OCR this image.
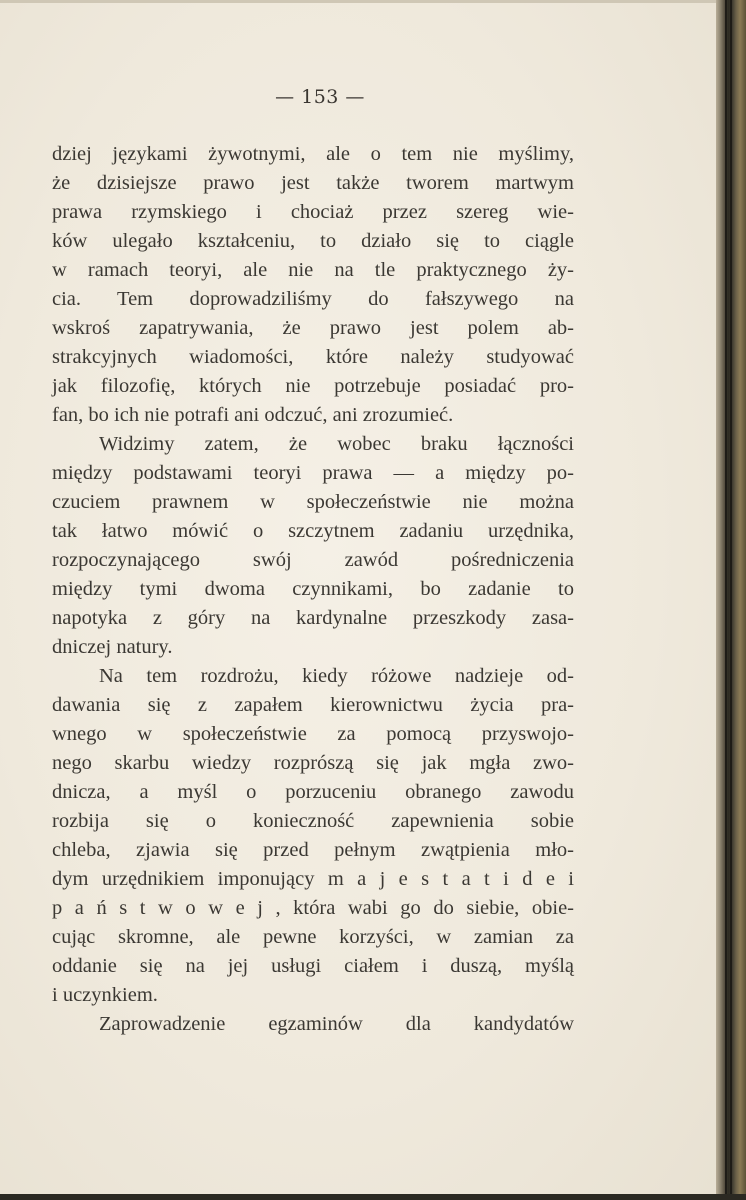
— 153 —
dziej językami żywotnymi, ale o tem nie myślimy,
że dzisiejsze prawo jest także tworem martwym
prawa rzymskiego i chociaż przez szereg wie-
ków ulegało kształceniu, to działo się to ciągle
w ramach teoryi, ale nie na tle praktycznego ży-
cia. Tem doprowadziliśmy do fałszywego na
wskroś zapatrywania, że prawo jest polem ab-
strakcyjnych wiadomości, które należy studyować
jak filozofię, których nie potrzebuje posiadać pro-
fan, bo ich nie potrafi ani odczuć, ani zrozumieć.
Widzimy zatem, że wobec braku łączności
między podstawami teoryi prawa — a między po-
czuciem prawnem w społeczeństwie nie można
tak łatwo mówić o szczytnem zadaniu urzędnika,
rozpoczynającego swój zawód pośredniczenia
między tymi dwoma czynnikami, bo zadanie to
napotyka z góry na kardynalne przeszkody zasa-
dniczej natury.
Na tem rozdrożu, kiedy różowe nadzieje od-
dawania się z zapałem kierownictwu życia pra-
wnego w społeczeństwie za pomocą przyswojo-
nego skarbu wiedzy rozprószą się jak mgła zwo-
dnicza, a myśl o porzuceniu obranego zawodu
rozbija się o konieczność zapewnienia sobie
chleba, zjawia się przed pełnym zwątpienia mło-
dym urzędnikiem imponujący m a j e s t a t i d e i
p a ń s t w o w e j , która wabi go do siebie, obie-
cując skromne, ale pewne korzyści, w zamian za
oddanie się na jej usługi ciałem i duszą, myślą
i uczynkiem.
Zaprowadzenie egzaminów dla kandydatów
